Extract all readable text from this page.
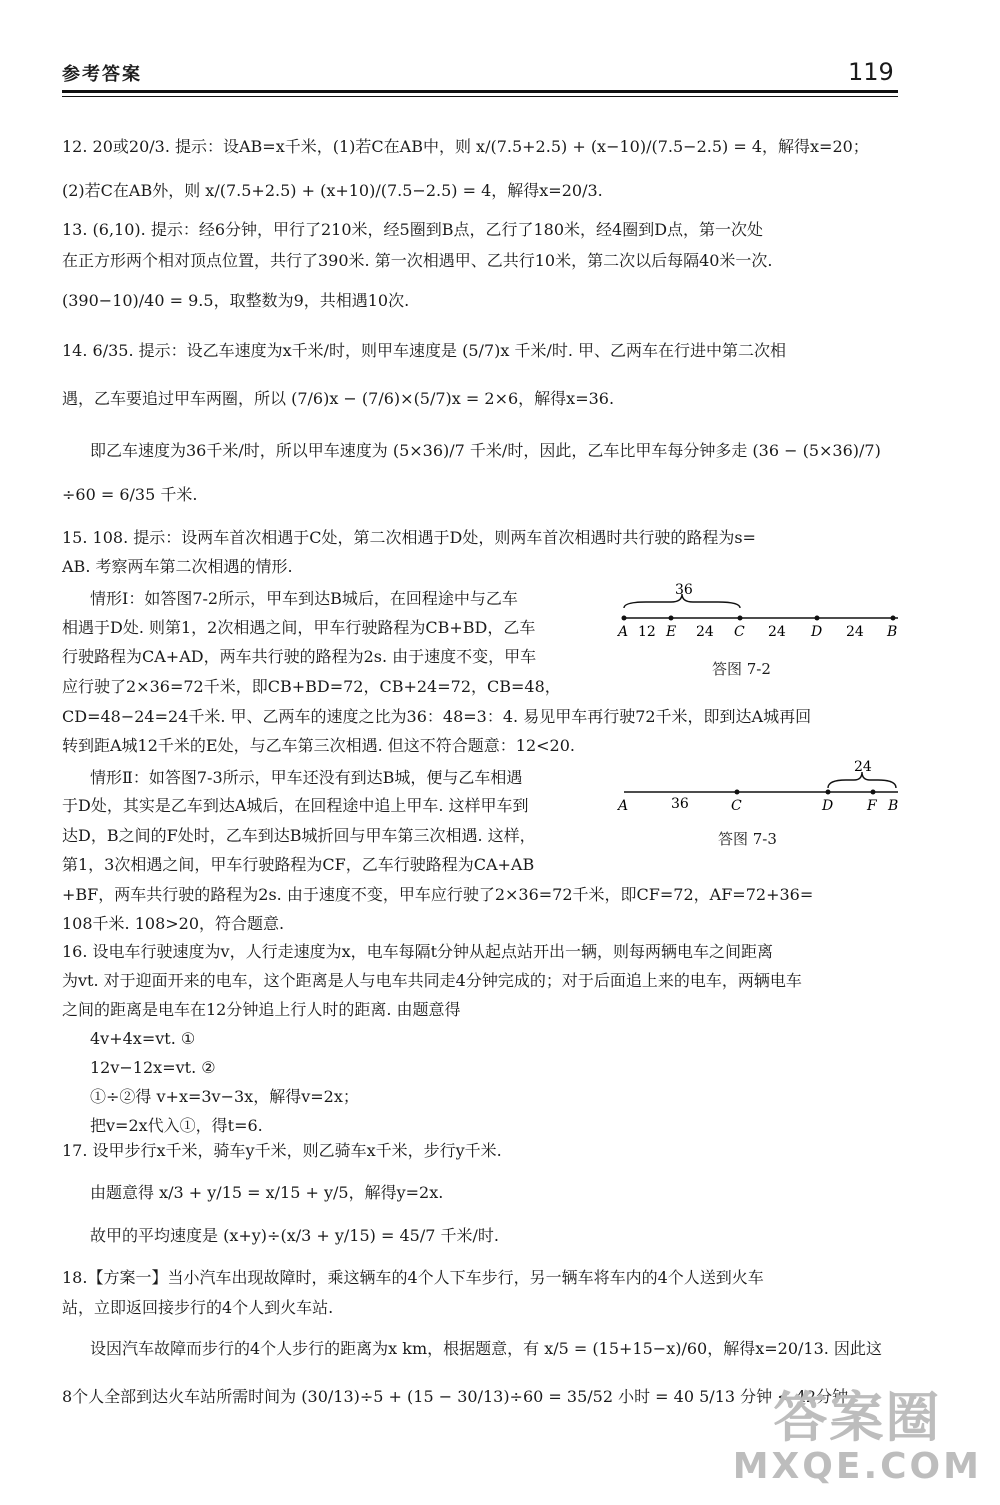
参考答案	119
12. 20或20/3. 提示：设AB=x千米，(1)若C在AB中，则 x/(7.5+2.5) + (x−10)/(7.5−2.5) = 4，解得x=20；
(2)若C在AB外，则 x/(7.5+2.5) + (x+10)/(7.5−2.5) = 4，解得x=20/3.
13. (6,10). 提示：经6分钟，甲行了210米，经5圈到B点，乙行了180米，经4圈到D点，第一次处
在正方形两个相对顶点位置，共行了390米. 第一次相遇甲、乙共行10米，第二次以后每隔40米一次.
(390−10)/40 = 9.5，取整数为9，共相遇10次.
14. 6/35. 提示：设乙车速度为x千米/时，则甲车速度是 (5/7)x 千米/时. 甲、乙两车在行进中第二次相
遇，乙车要追过甲车两圈，所以 (7/6)x − (7/6)×(5/7)x = 2×6，解得x=36.
即乙车速度为36千米/时，所以甲车速度为 (5×36)/7 千米/时，因此，乙车比甲车每分钟多走 (36 − (5×36)/7)
÷60 = 6/35 千米.
15. 108. 提示：设两车首次相遇于C处，第二次相遇于D处，则两车首次相遇时共行驶的路程为s=
AB. 考察两车第二次相遇的情形.
情形Ⅰ：如答图7-2所示，甲车到达B城后，在回程途中与乙车
相遇于D处. 则第1，2次相遇之间，甲车行驶路程为CB+BD，乙车
行驶路程为CA+AD，两车共行驶的路程为2s. 由于速度不变，甲车
应行驶了2×36=72千米，即CB+BD=72，CB+24=72，CB=48，
CD=48−24=24千米. 甲、乙两车的速度之比为36：48=3：4. 易见甲车再行驶72千米，即到达A城再回
转到距A城12千米的E处，与乙车第三次相遇. 但这不符合题意：12<20.
情形Ⅱ：如答图7-3所示，甲车还没有到达B城，便与乙车相遇
于D处，其实是乙车到达A城后，在回程途中追上甲车. 这样甲车到
达D，B之间的F处时，乙车到达B城折回与甲车第三次相遇. 这样，
第1，3次相遇之间，甲车行驶路程为CF，乙车行驶路程为CA+AB
+BF，两车共行驶的路程为2s. 由于速度不变，甲车应行驶了2×36=72千米，即CF=72，AF=72+36=
108千米. 108>20，符合题意.
16. 设电车行驶速度为v，人行走速度为x，电车每隔t分钟从起点站开出一辆，则每两辆电车之间距离
为vt. 对于迎面开来的电车，这个距离是人与电车共同走4分钟完成的；对于后面追上来的电车，两辆电车
之间的距离是电车在12分钟追上行人时的距离. 由题意得
4v+4x=vt. ①
12v−12x=vt. ②
①÷②得 v+x=3v−3x，解得v=2x；
把v=2x代入①，得t=6.
17. 设甲步行x千米，骑车y千米，则乙骑车x千米，步行y千米.
由题意得 x/3 + y/15 = x/15 + y/5，解得y=2x.
故甲的平均速度是 (x+y)÷(x/3 + y/15) = 45/7 千米/时.
18.【方案一】当小汽车出现故障时，乘这辆车的4个人下车步行，另一辆车将车内的4个人送到火车
站，立即返回接步行的4个人到火车站.
设因汽车故障而步行的4个人步行的距离为x km，根据题意，有 x/5 = (15+15−x)/60，解得x=20/13. 因此这
8个人全部到达火车站所需时间为 (30/13)÷5 + (15 − 30/13)÷60 = 35/52 小时 = 40 5/13 分钟 < 42分钟.
36
A 12 E 24 C 24 D 24 B
答图 7-2
24
A	36	C	D F B
答图 7-3
答案圈
MXQE.COM
